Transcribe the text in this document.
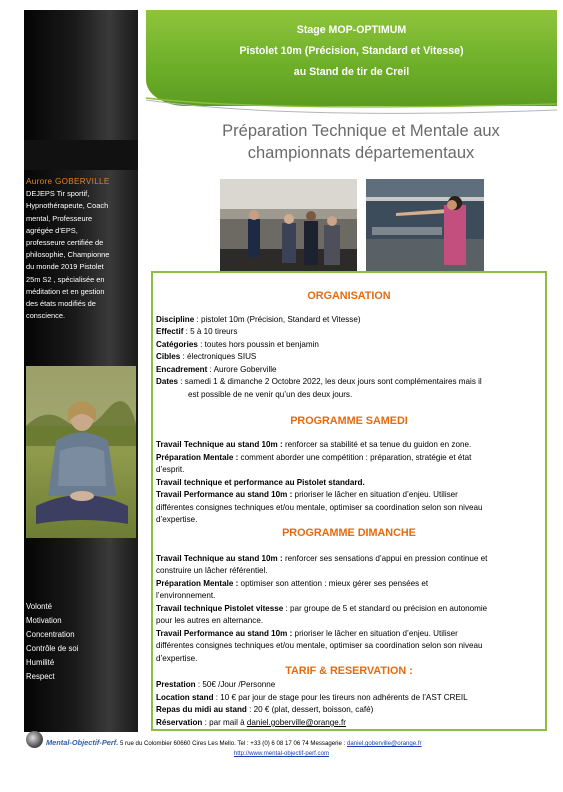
Aurore GOBERVILLE
DEJEPS Tir sportif,
Hypnothérapeute, Coach
mental, Professeure
agrégée d’EPS,
professeure certifiée de
philosophie, Championne
du monde 2019 Pistolet
25m S2 , spécialisée en
méditation et en gestion
des états modifiés de
conscience.
Volonté
Motivation
Concentration
Contrôle de soi
Humilité
Respect
Stage MOP-OPTIMUM
Pistolet 10m (Précision, Standard et Vitesse)
au Stand de tir de Creil
Préparation Technique et Mentale aux
championnats départementaux
ORGANISATION
Discipline : pistolet 10m (Précision, Standard et Vitesse)
Effectif : 5 à 10 tireurs
Catégories : toutes hors poussin et benjamin
Cibles : électroniques SIUS
Encadrement : Aurore Goberville
Dates : samedi 1 & dimanche 2 Octobre 2022, les deux jours sont complémentaires mais il
est possible de ne venir qu’un des deux jours.
PROGRAMME SAMEDI
Travail Technique au stand 10m : renforcer sa stabilité et sa tenue du guidon en zone.
Préparation Mentale : comment aborder une compétition : préparation, stratégie et état
d’esprit.
Travail technique et performance au Pistolet standard.
Travail Performance au stand 10m : prioriser le lâcher en situation d’enjeu. Utiliser
différentes consignes techniques et/ou mentale, optimiser sa coordination selon son niveau
d’expertise.
PROGRAMME DIMANCHE
Travail Technique au stand 10m : renforcer ses sensations d’appui en pression continue et
construire un lâcher référentiel.
Préparation Mentale : optimiser son attention : mieux gérer ses pensées et
l’environnement.
Travail technique Pistolet vitesse : par groupe de 5 et standard ou précision en autonomie
pour les autres en alternance.
Travail Performance au stand 10m : prioriser le lâcher en situation d’enjeu. Utiliser
différentes consignes techniques et/ou mentale, optimiser sa coordination selon son niveau
d’expertise.
TARIF & RESERVATION :
Prestation : 50€ /Jour /Personne
Location stand : 10 € par jour de stage pour les tireurs non adhérents de l’AST CREIL
Repas du midi au stand : 20 € (plat, dessert, boisson, café)
Réservation : par mail à daniel.goberville@orange.fr
Mental-Objectif-Perf. 5 rue du Colombier 60660 Cires Les Mello. Tel : +33 (0) 6 08 17 06 74 Messagerie : daniel.goberville@orange.fr
http://www.mental-objectif-perf.com
